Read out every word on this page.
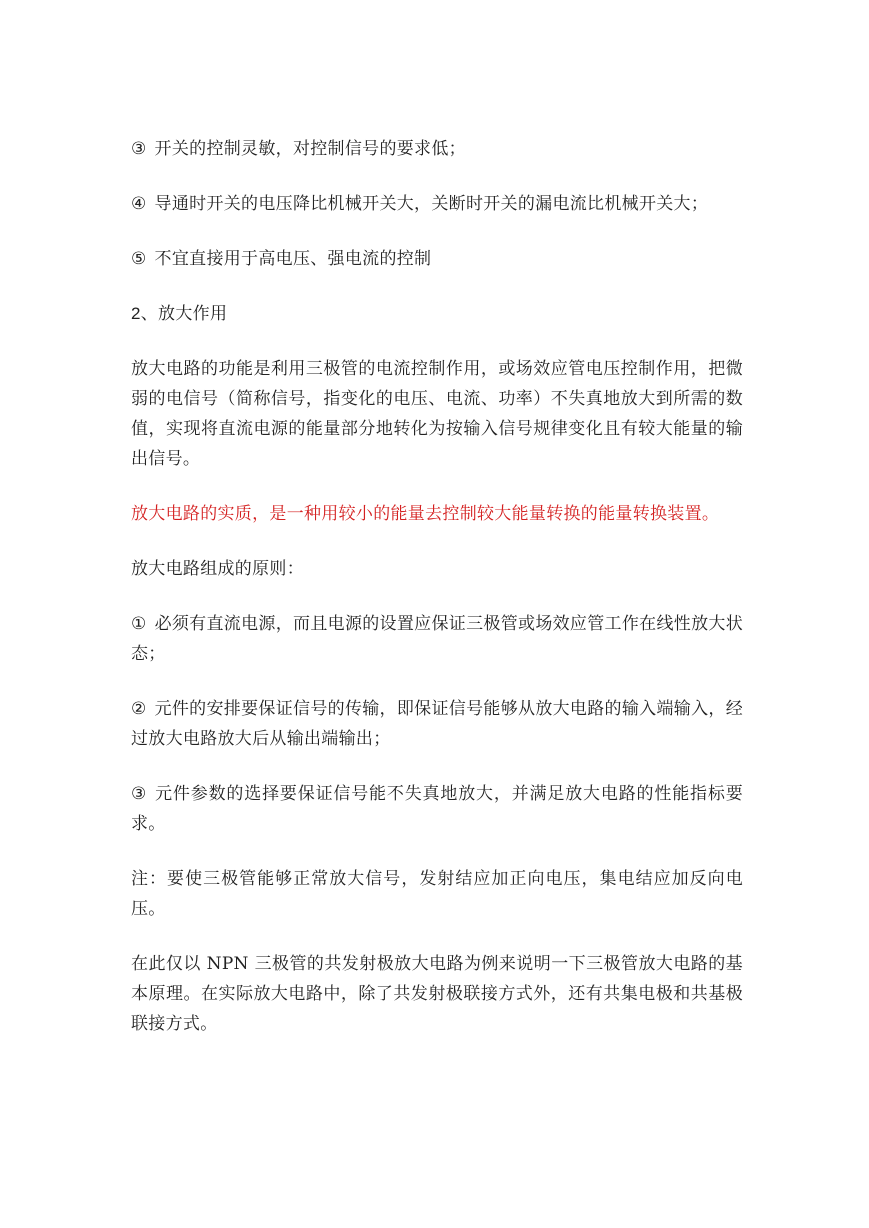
③ 开关的控制灵敏，对控制信号的要求低；

④ 导通时开关的电压降比机械开关大，关断时开关的漏电流比机械开关大；

⑤ 不宜直接用于高电压、强电流的控制

2、放大作用

放大电路的功能是利用三极管的电流控制作用，或场效应管电压控制作用，把微弱的电信号（简称信号，指变化的电压、电流、功率）不失真地放大到所需的数值，实现将直流电源的能量部分地转化为按输入信号规律变化且有较大能量的输出信号。

放大电路的实质，是一种用较小的能量去控制较大能量转换的能量转换装置。

放大电路组成的原则：

① 必须有直流电源，而且电源的设置应保证三极管或场效应管工作在线性放大状态；

② 元件的安排要保证信号的传输，即保证信号能够从放大电路的输入端输入，经过放大电路放大后从输出端输出；

③ 元件参数的选择要保证信号能不失真地放大，并满足放大电路的性能指标要求。

注：要使三极管能够正常放大信号，发射结应加正向电压，集电结应加反向电压。

在此仅以 NPN 三极管的共发射极放大电路为例来说明一下三极管放大电路的基本原理。在实际放大电路中，除了共发射极联接方式外，还有共集电极和共基极联接方式。
